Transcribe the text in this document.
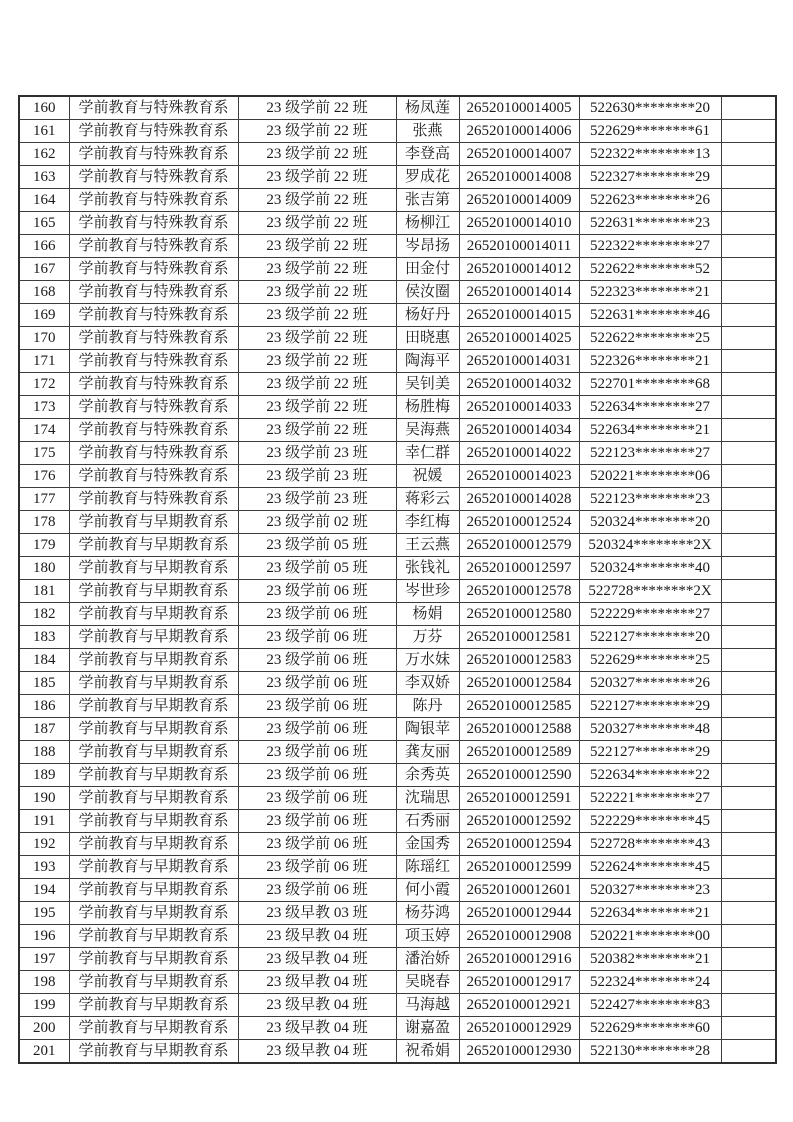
160	学前教育与特殊教育系	23 级学前 22 班	杨凤莲	26520100014005	522630********20	
161	学前教育与特殊教育系	23 级学前 22 班	张燕	26520100014006	522629********61	
162	学前教育与特殊教育系	23 级学前 22 班	李登高	26520100014007	522322********13	
163	学前教育与特殊教育系	23 级学前 22 班	罗成花	26520100014008	522327********29	
164	学前教育与特殊教育系	23 级学前 22 班	张吉第	26520100014009	522623********26	
165	学前教育与特殊教育系	23 级学前 22 班	杨柳江	26520100014010	522631********23	
166	学前教育与特殊教育系	23 级学前 22 班	岑昂扬	26520100014011	522322********27	
167	学前教育与特殊教育系	23 级学前 22 班	田金付	26520100014012	522622********52	
168	学前教育与特殊教育系	23 级学前 22 班	侯汝圈	26520100014014	522323********21	
169	学前教育与特殊教育系	23 级学前 22 班	杨好丹	26520100014015	522631********46	
170	学前教育与特殊教育系	23 级学前 22 班	田晓惠	26520100014025	522622********25	
171	学前教育与特殊教育系	23 级学前 22 班	陶海平	26520100014031	522326********21	
172	学前教育与特殊教育系	23 级学前 22 班	吴钊美	26520100014032	522701********68	
173	学前教育与特殊教育系	23 级学前 22 班	杨胜梅	26520100014033	522634********27	
174	学前教育与特殊教育系	23 级学前 22 班	吴海燕	26520100014034	522634********21	
175	学前教育与特殊教育系	23 级学前 23 班	幸仁群	26520100014022	522123********27	
176	学前教育与特殊教育系	23 级学前 23 班	祝媛	26520100014023	520221********06	
177	学前教育与特殊教育系	23 级学前 23 班	蒋彩云	26520100014028	522123********23	
178	学前教育与早期教育系	23 级学前 02 班	李红梅	26520100012524	520324********20	
179	学前教育与早期教育系	23 级学前 05 班	王云燕	26520100012579	520324********2X	
180	学前教育与早期教育系	23 级学前 05 班	张钱礼	26520100012597	520324********40	
181	学前教育与早期教育系	23 级学前 06 班	岑世珍	26520100012578	522728********2X	
182	学前教育与早期教育系	23 级学前 06 班	杨娟	26520100012580	522229********27	
183	学前教育与早期教育系	23 级学前 06 班	万芬	26520100012581	522127********20	
184	学前教育与早期教育系	23 级学前 06 班	万水妹	26520100012583	522629********25	
185	学前教育与早期教育系	23 级学前 06 班	李双娇	26520100012584	520327********26	
186	学前教育与早期教育系	23 级学前 06 班	陈丹	26520100012585	522127********29	
187	学前教育与早期教育系	23 级学前 06 班	陶银苹	26520100012588	520327********48	
188	学前教育与早期教育系	23 级学前 06 班	龚友丽	26520100012589	522127********29	
189	学前教育与早期教育系	23 级学前 06 班	余秀英	26520100012590	522634********22	
190	学前教育与早期教育系	23 级学前 06 班	沈瑞思	26520100012591	522221********27	
191	学前教育与早期教育系	23 级学前 06 班	石秀丽	26520100012592	522229********45	
192	学前教育与早期教育系	23 级学前 06 班	金国秀	26520100012594	522728********43	
193	学前教育与早期教育系	23 级学前 06 班	陈瑶红	26520100012599	522624********45	
194	学前教育与早期教育系	23 级学前 06 班	何小霞	26520100012601	520327********23	
195	学前教育与早期教育系	23 级早教 03 班	杨芬鸿	26520100012944	522634********21	
196	学前教育与早期教育系	23 级早教 04 班	项玉婷	26520100012908	520221********00	
197	学前教育与早期教育系	23 级早教 04 班	潘治娇	26520100012916	520382********21	
198	学前教育与早期教育系	23 级早教 04 班	吴晓春	26520100012917	522324********24	
199	学前教育与早期教育系	23 级早教 04 班	马海越	26520100012921	522427********83	
200	学前教育与早期教育系	23 级早教 04 班	谢嘉盈	26520100012929	522629********60	
201	学前教育与早期教育系	23 级早教 04 班	祝希娟	26520100012930	522130********28	
